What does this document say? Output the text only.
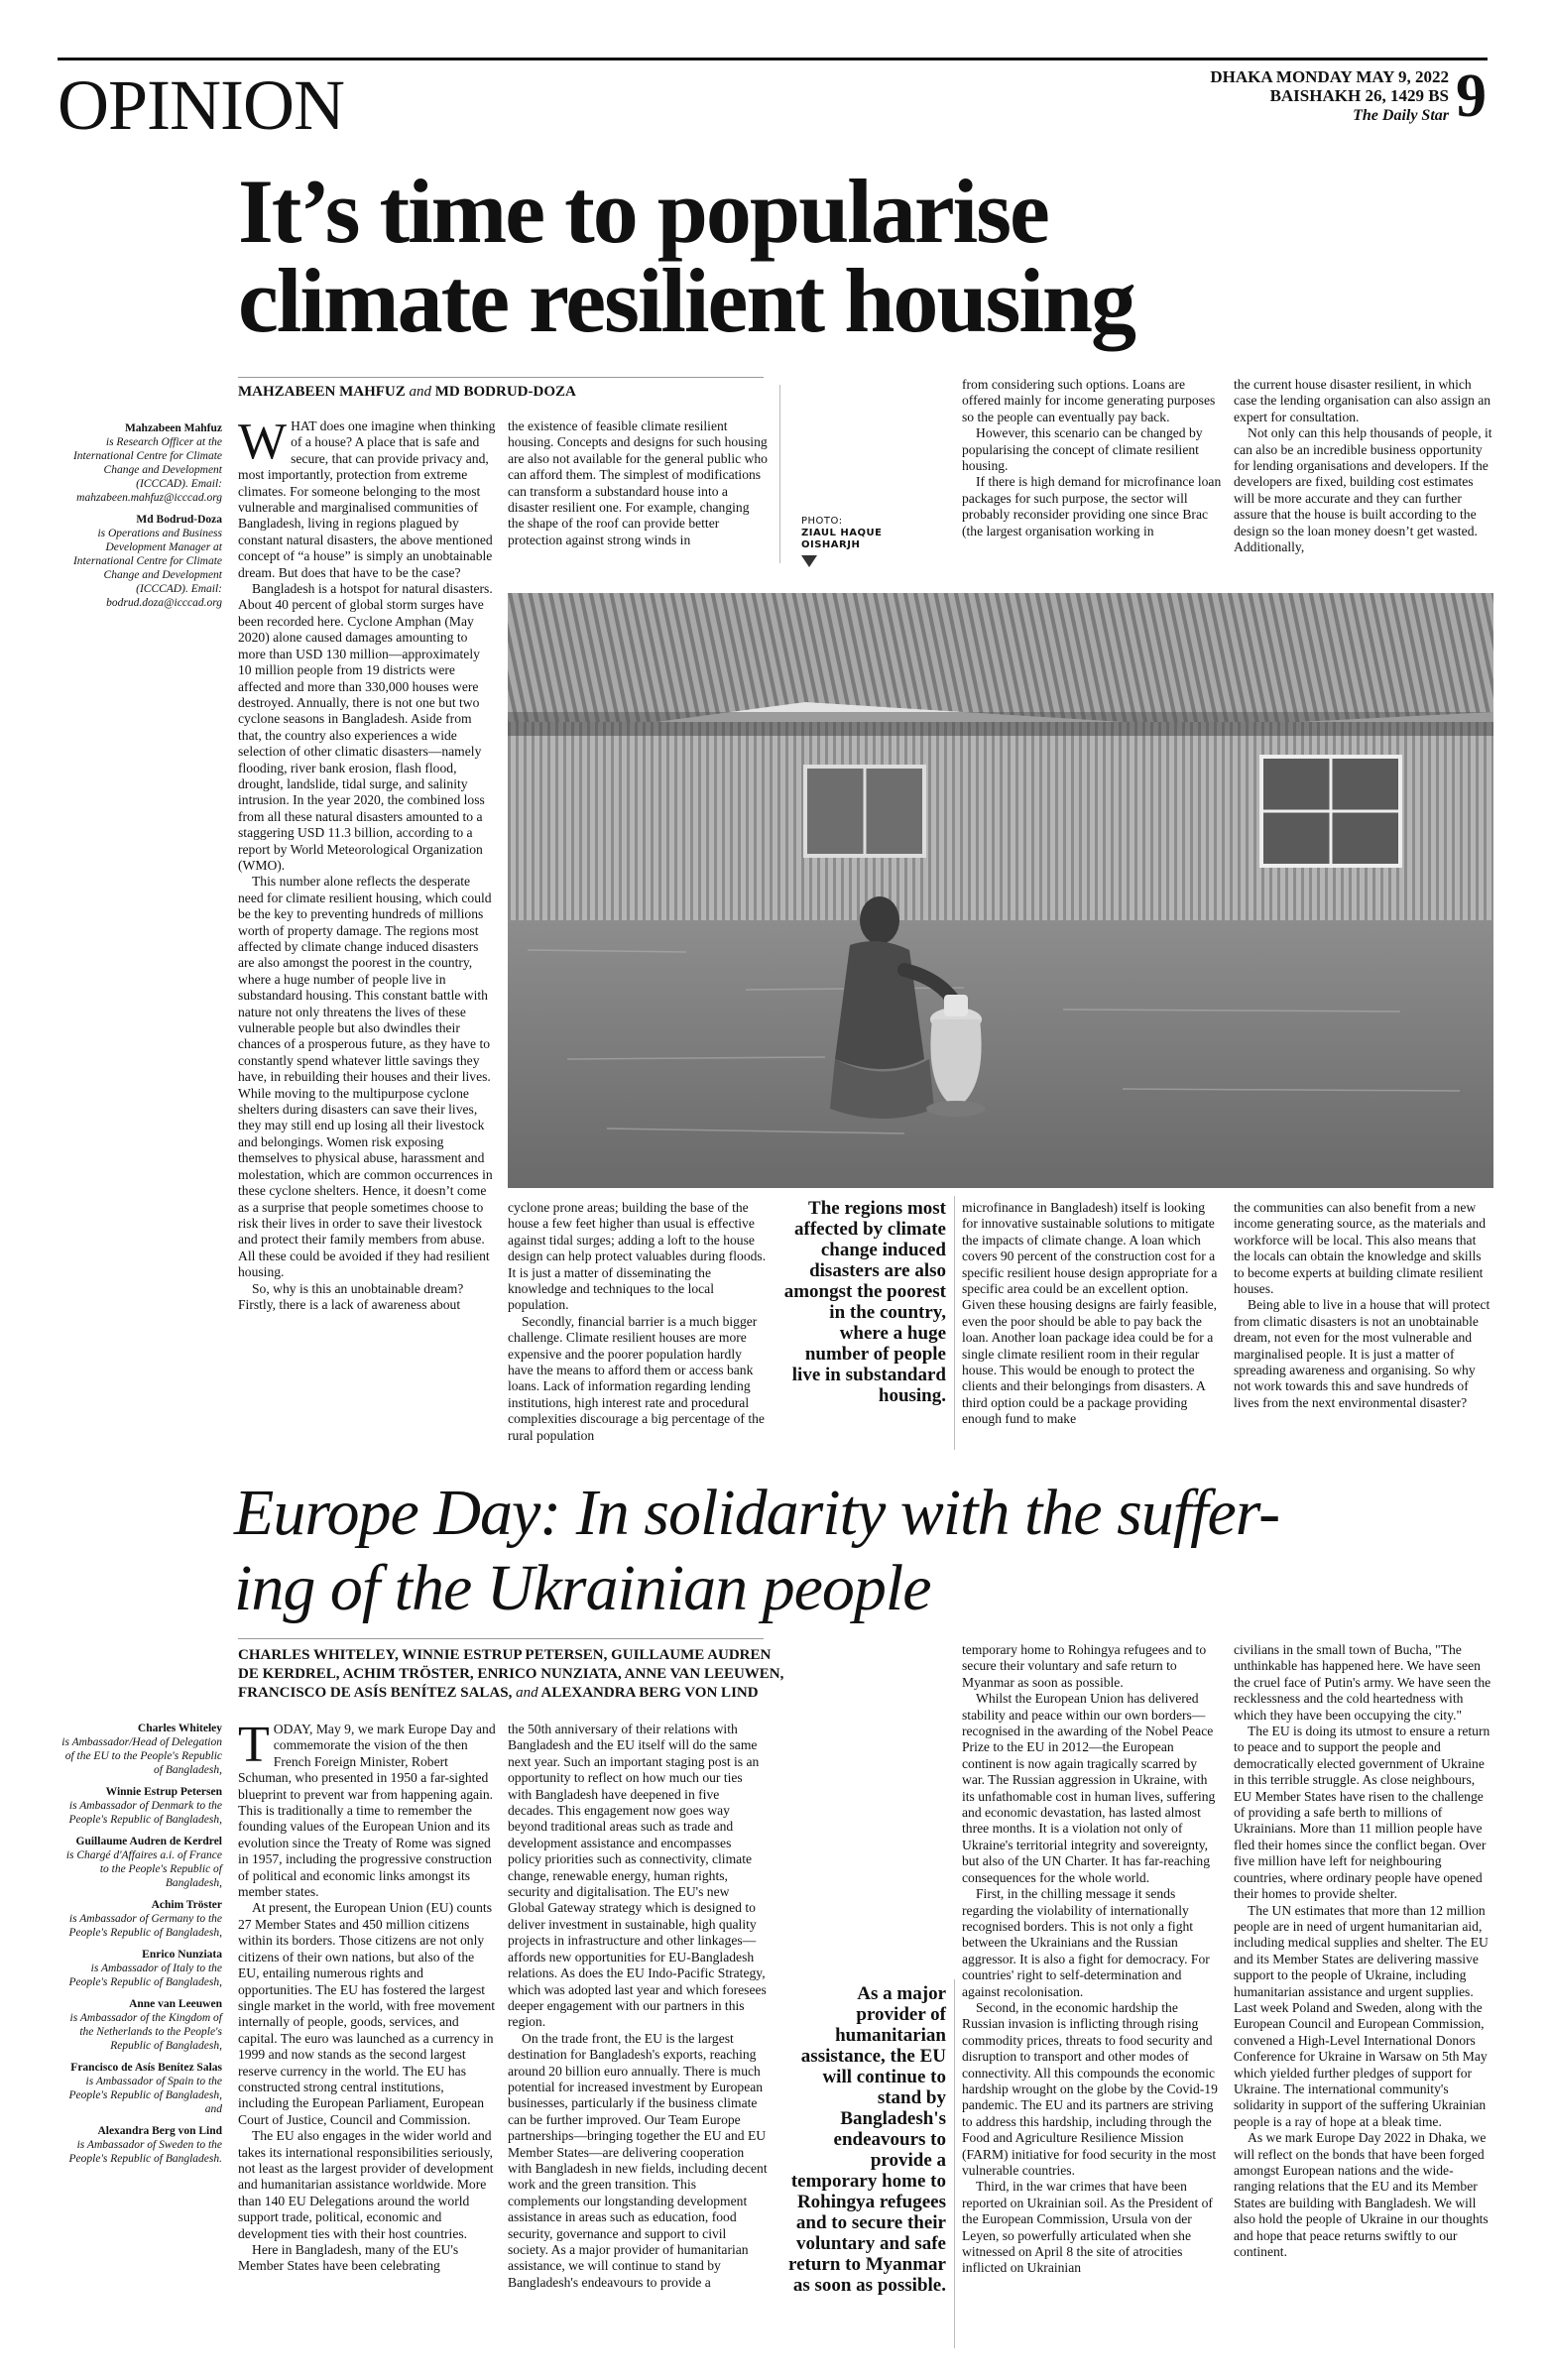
OPINION	DHAKA MONDAY MAY 9, 2022
BAISHAKH 26, 1429 BS
The Daily Star 9
It’s time to popularise
climate resilient housing
MAHZABEEN MAHFUZ and MD BODRUD-DOZA
Mahzabeen Mahfuz
is Research Officer at the International Centre for Climate Change and Development (ICCCAD). Email: mahzabeen.mahfuz@icccad.org
Md Bodrud-Doza
is Operations and Business Development Manager at International Centre for Climate Change and Development (ICCCAD). Email: bodrud.doza@icccad.org

WHAT does one imagine when thinking of a house? A place that is safe and secure, that can provide privacy and, most importantly, protection from extreme climates. For someone belonging to the most vulnerable and marginalised communities of Bangladesh, living in regions plagued by constant natural disasters, the above mentioned concept of “a house” is simply an unobtainable dream. But does that have to be the case?

Bangladesh is a hotspot for natural disasters. About 40 percent of global storm surges have been recorded here. Cyclone Amphan (May 2020) alone caused damages amounting to more than USD 130 million—approximately 10 million people from 19 districts were affected and more than 330,000 houses were destroyed. Annually, there is not one but two cyclone seasons in Bangladesh. Aside from that, the country also experiences a wide selection of other climatic disasters—namely flooding, river bank erosion, flash flood, drought, landslide, tidal surge, and salinity intrusion. In the year 2020, the combined loss from all these natural disasters amounted to a staggering USD 11.3 billion, according to a report by World Meteorological Organization (WMO).

This number alone reflects the desperate need for climate resilient housing, which could be the key to preventing hundreds of millions worth of property damage. The regions most affected by climate change induced disasters are also amongst the poorest in the country, where a huge number of people live in substandard housing. This constant battle with nature not only threatens the lives of these vulnerable people but also dwindles their chances of a prosperous future, as they have to constantly spend whatever little savings they have, in rebuilding their houses and their lives. While moving to the multipurpose cyclone shelters during disasters can save their lives, they may still end up losing all their livestock and belongings. Women risk exposing themselves to physical abuse, harassment and molestation, which are common occurrences in these cyclone shelters. Hence, it doesn’t come as a surprise that people sometimes choose to risk their lives in order to save their livestock and protect their family members from abuse. All these could be avoided if they had resilient housing.

So, why is this an unobtainable dream? Firstly, there is a lack of awareness about

the existence of feasible climate resilient housing. Concepts and designs for such housing are also not available for the general public who can afford them. The simplest of modifications can transform a substandard house into a disaster resilient one. For example, changing the shape of the roof can provide better protection against strong winds in

PHOTO:
ZIAUL HAQUE OISHARJH

from considering such options. Loans are offered mainly for income generating purposes so the people can eventually pay back.

However, this scenario can be changed by popularising the concept of climate resilient housing.

If there is high demand for microfinance loan packages for such purpose, the sector will probably reconsider providing one since Brac (the largest organisation working in

the current house disaster resilient, in which case the lending organisation can also assign an expert for consultation.

Not only can this help thousands of people, it can also be an incredible business opportunity for lending organisations and developers. If the developers are fixed, building cost estimates will be more accurate and they can further assure that the house is built according to the design so the loan money doesn’t get wasted. Additionally,

cyclone prone areas; building the base of the house a few feet higher than usual is effective against tidal surges; adding a loft to the house design can help protect valuables during floods. It is just a matter of disseminating the knowledge and techniques to the local population.

Secondly, financial barrier is a much bigger challenge. Climate resilient houses are more expensive and the poorer population hardly have the means to afford them or access bank loans. Lack of information regarding lending institutions, high interest rate and procedural complexities discourage a big percentage of the rural population

The regions most affected by climate change induced disasters are also amongst the poorest in the country, where a huge number of people live in substandard housing.

microfinance in Bangladesh) itself is looking for innovative sustainable solutions to mitigate the impacts of climate change. A loan which covers 90 percent of the construction cost for a specific resilient house design appropriate for a specific area could be an excellent option. Given these housing designs are fairly feasible, even the poor should be able to pay back the loan. Another loan package idea could be for a single climate resilient room in their regular house. This would be enough to protect the clients and their belongings from disasters. A third option could be a package providing enough fund to make

the communities can also benefit from a new income generating source, as the materials and workforce will be local. This also means that the locals can obtain the knowledge and skills to become experts at building climate resilient houses.

Being able to live in a house that will protect from climatic disasters is not an unobtainable dream, not even for the most vulnerable and marginalised people. It is just a matter of spreading awareness and organising. So why not work towards this and save hundreds of lives from the next environmental disaster?

Europe Day: In solidarity with the suffer-
ing of the Ukrainian people
CHARLES WHITELEY, WINNIE ESTRUP PETERSEN, GUILLAUME AUDREN
DE KERDREL, ACHIM TRÖSTER, ENRICO NUNZIATA, ANNE VAN LEEUWEN,
FRANCISCO DE ASÍS BENÍTEZ SALAS, and ALEXANDRA BERG VON LIND
Charles Whiteley
is Ambassador/Head of Delegation of the EU to the People's Republic of Bangladesh,
Winnie Estrup Petersen
is Ambassador of Denmark to the People's Republic of Bangladesh,
Guillaume Audren de Kerdrel
is Chargé d'Affaires a.i. of France to the People's Republic of Bangladesh,
Achim Tröster
is Ambassador of Germany to the People's Republic of Bangladesh,
Enrico Nunziata
is Ambassador of Italy to the People's Republic of Bangladesh,
Anne van Leeuwen
is Ambassador of the Kingdom of the Netherlands to the People's Republic of Bangladesh,
Francisco de Asís Benítez Salas
is Ambassador of Spain to the People's Republic of Bangladesh, and
Alexandra Berg von Lind
is Ambassador of Sweden to the People's Republic of Bangladesh.

TODAY, May 9, we mark Europe Day and commemorate the vision of the then French Foreign Minister, Robert Schuman, who presented in 1950 a far-sighted blueprint to prevent war from happening again. This is traditionally a time to remember the founding values of the European Union and its evolution since the Treaty of Rome was signed in 1957, including the progressive construction of political and economic links amongst its member states.

At present, the European Union (EU) counts 27 Member States and 450 million citizens within its borders. Those citizens are not only citizens of their own nations, but also of the EU, entailing numerous rights and opportunities. The EU has fostered the largest single market in the world, with free movement internally of people, goods, services, and capital. The euro was launched as a currency in 1999 and now stands as the second largest reserve currency in the world. The EU has constructed strong central institutions, including the European Parliament, European Court of Justice, Council and Commission.

The EU also engages in the wider world and takes its international responsibilities seriously, not least as the largest provider of development and humanitarian assistance worldwide. More than 140 EU Delegations around the world support trade, political, economic and development ties with their host countries.

Here in Bangladesh, many of the EU's Member States have been celebrating

the 50th anniversary of their relations with Bangladesh and the EU itself will do the same next year. Such an important staging post is an opportunity to reflect on how much our ties with Bangladesh have deepened in five decades. This engagement now goes way beyond traditional areas such as trade and development assistance and encompasses policy priorities such as connectivity, climate change, renewable energy, human rights, security and digitalisation. The EU's new Global Gateway strategy which is designed to deliver investment in sustainable, high quality projects in infrastructure and other linkages—affords new opportunities for EU-Bangladesh relations. As does the EU Indo-Pacific Strategy, which was adopted last year and which foresees deeper engagement with our partners in this region.

On the trade front, the EU is the largest destination for Bangladesh's exports, reaching around 20 billion euro annually. There is much potential for increased investment by European businesses, particularly if the business climate can be further improved. Our Team Europe partnerships—bringing together the EU and EU Member States—are delivering cooperation with Bangladesh in new fields, including decent work and the green transition. This complements our longstanding development assistance in areas such as education, food security, governance and support to civil society. As a major provider of humanitarian assistance, we will continue to stand by Bangladesh's endeavours to provide a

As a major provider of humanitarian assistance, the EU will continue to stand by Bangladesh's endeavours to provide a temporary home to Rohingya refugees and to secure their voluntary and safe return to Myanmar as soon as possible.

temporary home to Rohingya refugees and to secure their voluntary and safe return to Myanmar as soon as possible.

Whilst the European Union has delivered stability and peace within our own borders—recognised in the awarding of the Nobel Peace Prize to the EU in 2012—the European continent is now again tragically scarred by war. The Russian aggression in Ukraine, with its unfathomable cost in human lives, suffering and economic devastation, has lasted almost three months. It is a violation not only of Ukraine's territorial integrity and sovereignty, but also of the UN Charter. It has far-reaching consequences for the whole world.

First, in the chilling message it sends regarding the violability of internationally recognised borders. This is not only a fight between the Ukrainians and the Russian aggressor. It is also a fight for democracy. For countries' right to self-determination and against recolonisation.

Second, in the economic hardship the Russian invasion is inflicting through rising commodity prices, threats to food security and disruption to transport and other modes of connectivity. All this compounds the economic hardship wrought on the globe by the Covid-19 pandemic. The EU and its partners are striving to address this hardship, including through the Food and Agriculture Resilience Mission (FARM) initiative for food security in the most vulnerable countries.

Third, in the war crimes that have been reported on Ukrainian soil. As the President of the European Commission, Ursula von der Leyen, so powerfully articulated when she witnessed on April 8 the site of atrocities inflicted on Ukrainian

civilians in the small town of Bucha, "The unthinkable has happened here. We have seen the cruel face of Putin's army. We have seen the recklessness and the cold heartedness with which they have been occupying the city."

The EU is doing its utmost to ensure a return to peace and to support the people and democratically elected government of Ukraine in this terrible struggle. As close neighbours, EU Member States have risen to the challenge of providing a safe berth to millions of Ukrainians. More than 11 million people have fled their homes since the conflict began. Over five million have left for neighbouring countries, where ordinary people have opened their homes to provide shelter.

The UN estimates that more than 12 million people are in need of urgent humanitarian aid, including medical supplies and shelter. The EU and its Member States are delivering massive support to the people of Ukraine, including humanitarian assistance and urgent supplies. Last week Poland and Sweden, along with the European Council and European Commission, convened a High-Level International Donors Conference for Ukraine in Warsaw on 5th May which yielded further pledges of support for Ukraine. The international community's solidarity in support of the suffering Ukrainian people is a ray of hope at a bleak time.

As we mark Europe Day 2022 in Dhaka, we will reflect on the bonds that have been forged amongst European nations and the wide-ranging relations that the EU and its Member States are building with Bangladesh. We will also hold the people of Ukraine in our thoughts and hope that peace returns swiftly to our continent.
